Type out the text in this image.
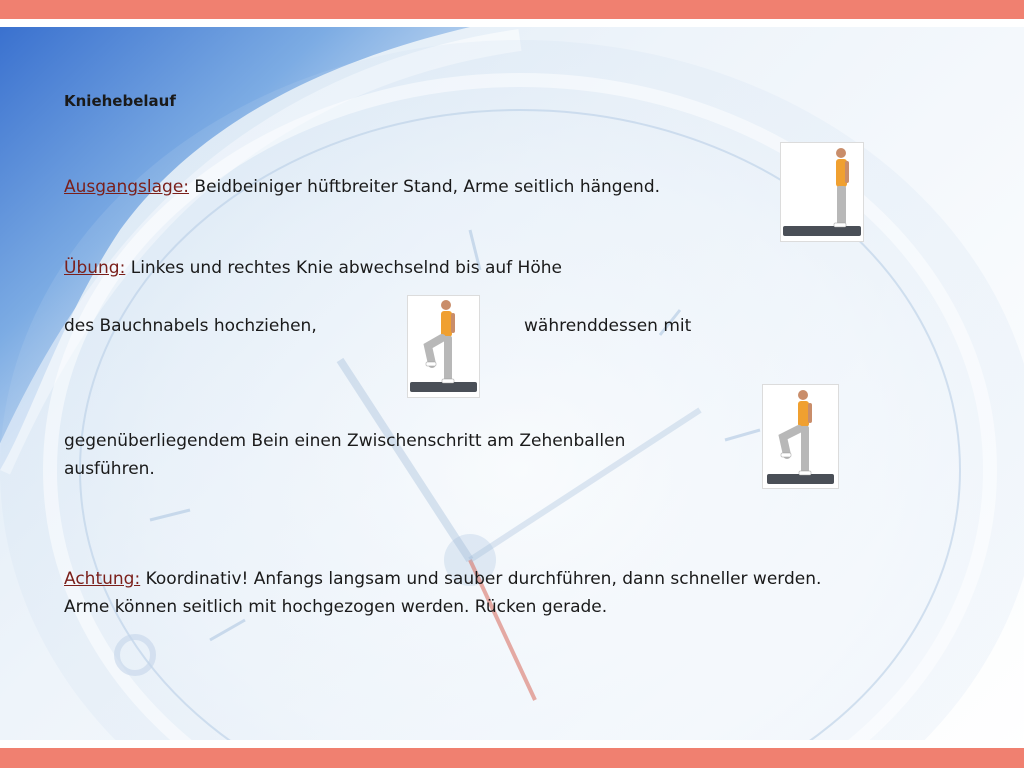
Kniehebelauf
Ausgangslage: Beidbeiniger hüftbreiter Stand, Arme seitlich hängend.
Übung: Linkes und rechtes Knie abwechselnd bis auf Höhe
des Bauchnabels hochziehen,	währenddessen mit
gegenüberliegendem Bein einen Zwischenschritt am Zehenballen
ausführen.
Achtung: Koordinativ! Anfangs langsam und sauber durchführen, dann schneller werden.
Arme können seitlich mit hochgezogen werden. Rücken gerade.
